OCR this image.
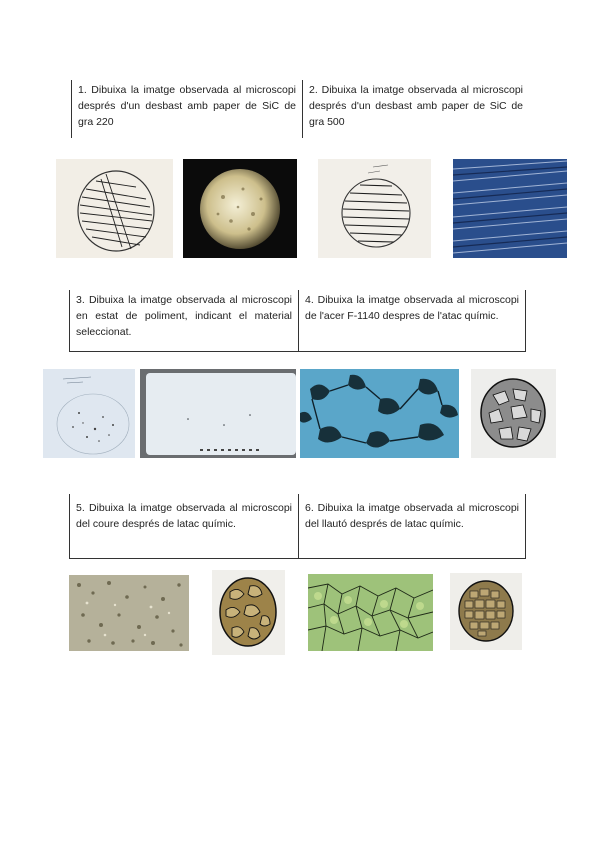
1. Dibuixa la imatge observada al microscopi després d'un desbast amb paper de SiC de gra 220
2. Dibuixa la imatge observada al microscopi després d'un desbast amb paper de SiC de gra 500
3. Dibuixa la imatge observada al microscopi en estat de poliment, indicant el material seleccionat.
4. Dibuixa la imatge observada al microscopi de l'acer F-1140 despres de l'atac químic.
5. Dibuixa la imatge observada al microscopi del coure després de latac químic.
6. Dibuixa la imatge observada al microscopi del llautó després de latac químic.
